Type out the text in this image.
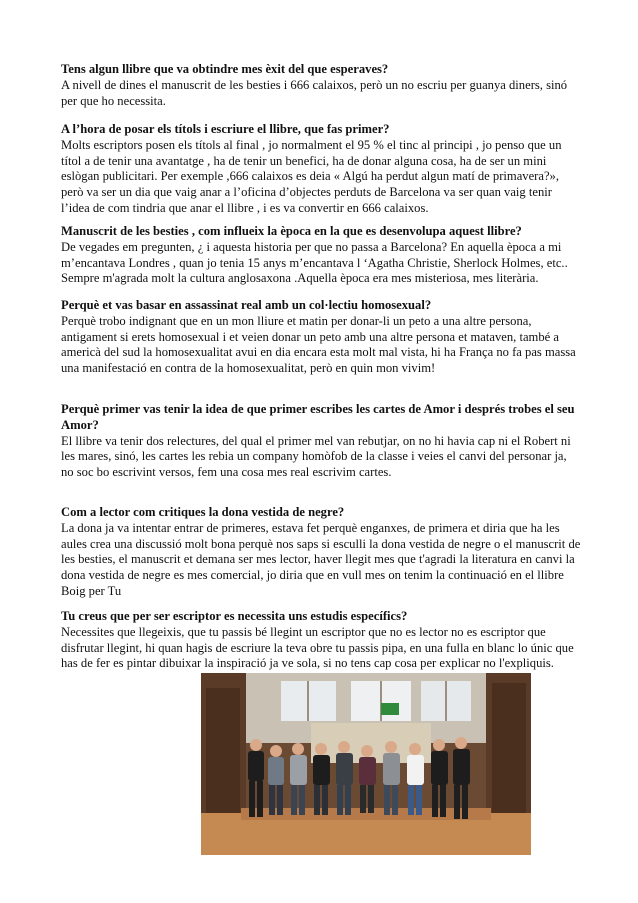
Tens algun llibre que va obtindre mes èxit del que esperaves?

A nivell de dines el manuscrit de les besties i 666 calaixos, però un no escriu per guanya diners, sinó per que ho necessita.

A l’hora de posar els títols i escriure el llibre, que fas primer?

Molts escriptors posen els títols al final , jo normalment el 95 % el tinc al principi , jo penso que un títol a de tenir una avantatge , ha de tenir un benefici, ha de donar alguna cosa, ha de ser un mini eslògan publicitari. Per exemple ,666 calaixos es deia « Algú ha perdut algun matí de primavera?», però va ser un dia que vaig anar a l’oficina d’objectes perduts de Barcelona va ser quan vaig tenir l’idea de com tindria que anar el llibre , i es va convertir en 666 calaixos.

Manuscrit de les besties , com influeix la època en la que es desenvolupa aquest llibre?

De vegades em pregunten, ¿ i aquesta historia per que no passa a Barcelona? En aquella època a mi m’encantava Londres , quan jo tenia 15 anys m’encantava l ‘Agatha Christie, Sherlock Holmes, etc.. Sempre m'agrada molt la cultura anglosaxona .Aquella època era mes misteriosa, mes literària.

Perquè et vas basar en assassinat real amb un col·lectiu homosexual?

Perquè trobo indignant que en un mon lliure et matin per donar-li un peto a una altre persona, antigament si erets homosexual i et veien donar un peto amb una altre persona et mataven, també a americà del sud la homosexualitat avui en dia encara esta molt mal vista, hi ha França no fa pas massa una manifestació en contra de la homosexualitat, però en quin mon vivim!

Perquè primer vas tenir la idea de que primer escribes les cartes de Amor i després trobes el seu Amor?

El llibre va tenir dos relectures, del qual el primer mel van rebutjar, on no hi havia cap ni el Robert ni les mares, sinó, les cartes les rebia un company homòfob de la classe i veies el canvi del personar ja, no soc bo escrivint versos, fem una cosa mes real escrivim cartes.

Com a lector com critiques la dona vestida de negre?

La dona ja va intentar entrar de primeres, estava fet perquè enganxes, de primera et diria que ha les aules crea una discussió molt bona perquè nos saps si esculli la dona vestida de negre o el manuscrit de les besties, el manuscrit et demana ser mes lector, haver llegit mes que t'agradi la literatura en canvi la dona vestida de negre es mes comercial, jo diria que en vull mes on tenim la continuació en el llibre Boig per Tu

Tu creus que per ser escriptor es necessita uns estudis específics?

Necessites que llegeixis, que tu passis bé llegint un escriptor que no es lector no es escriptor que disfrutar llegint, hi quan hagis de escriure la teva obre tu passis pipa, en una fulla en blanc lo únic que has de fer es pintar dibuixar la inspiració ja ve sola, si no tens cap cosa per explicar no l'expliquis.
